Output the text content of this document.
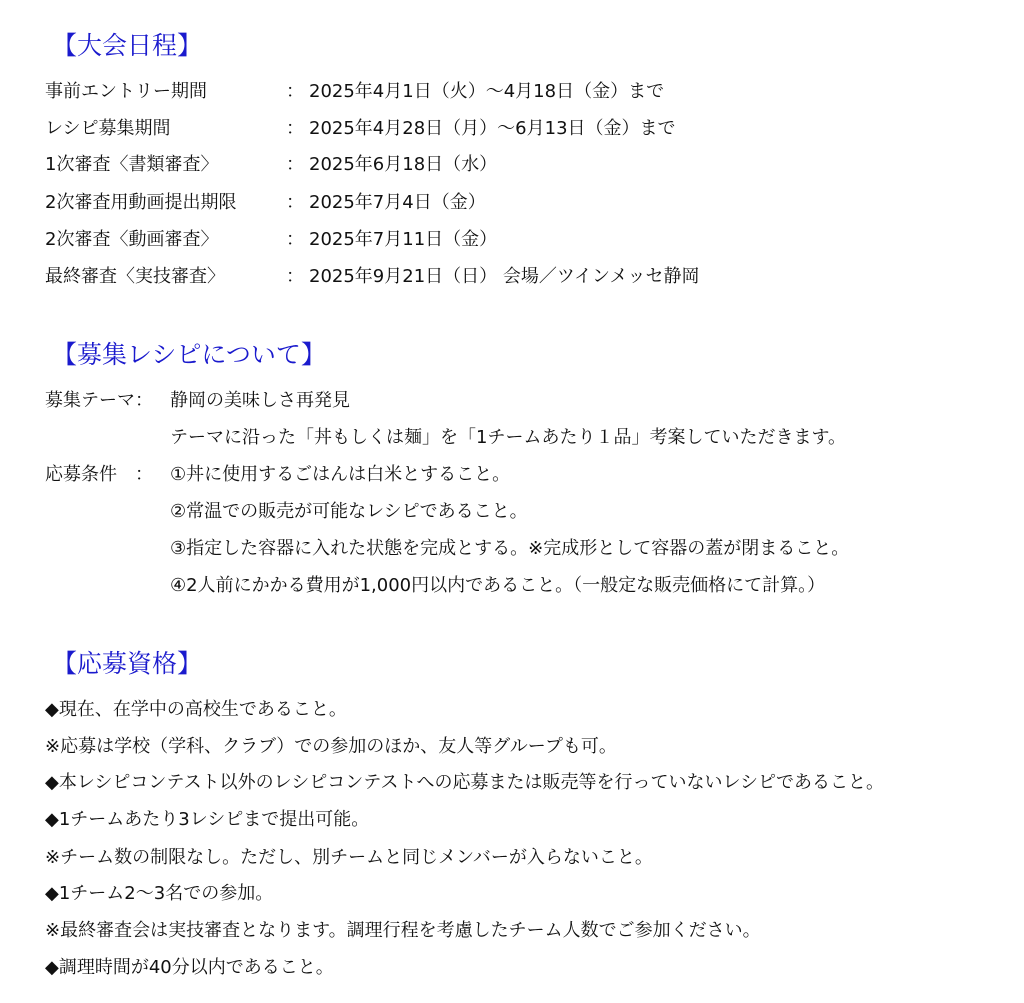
【大会日程】
事前エントリー期間	： 2025年4月1日（火）〜4月18日（金）まで
レシピ募集期間	： 2025年4月28日（月）〜6月13日（金）まで
1次審査〈書類審査〉	： 2025年6月18日（水）
2次審査用動画提出期限	： 2025年7月4日（金）
2次審査〈動画審査〉	： 2025年7月11日（金）
最終審査〈実技審査〉	： 2025年9月21日（日） 会場／ツインメッセ静岡
【募集レシピについて】
募集テーマ： 静岡の美味しさ再発見
テーマに沿った「丼もしくは麺」を「1チームあたり１品」考案していただきます。
応募条件　： ①丼に使用するごはんは白米とすること。
②常温での販売が可能なレシピであること。
③指定した容器に入れた状態を完成とする。※完成形として容器の蓋が閉まること。
④2人前にかかる費用が1,000円以内であること。（一般定な販売価格にて計算。）
【応募資格】
◆現在、在学中の高校生であること。
※応募は学校（学科、クラブ）での参加のほか、友人等グループも可。
◆本レシピコンテスト以外のレシピコンテストへの応募または販売等を行っていないレシピであること。
◆1チームあたり3レシピまで提出可能。
※チーム数の制限なし。ただし、別チームと同じメンバーが入らないこと。
◆1チーム2〜3名での参加。
※最終審査会は実技審査となります。調理行程を考慮したチーム人数でご参加ください。
◆調理時間が40分以内であること。
